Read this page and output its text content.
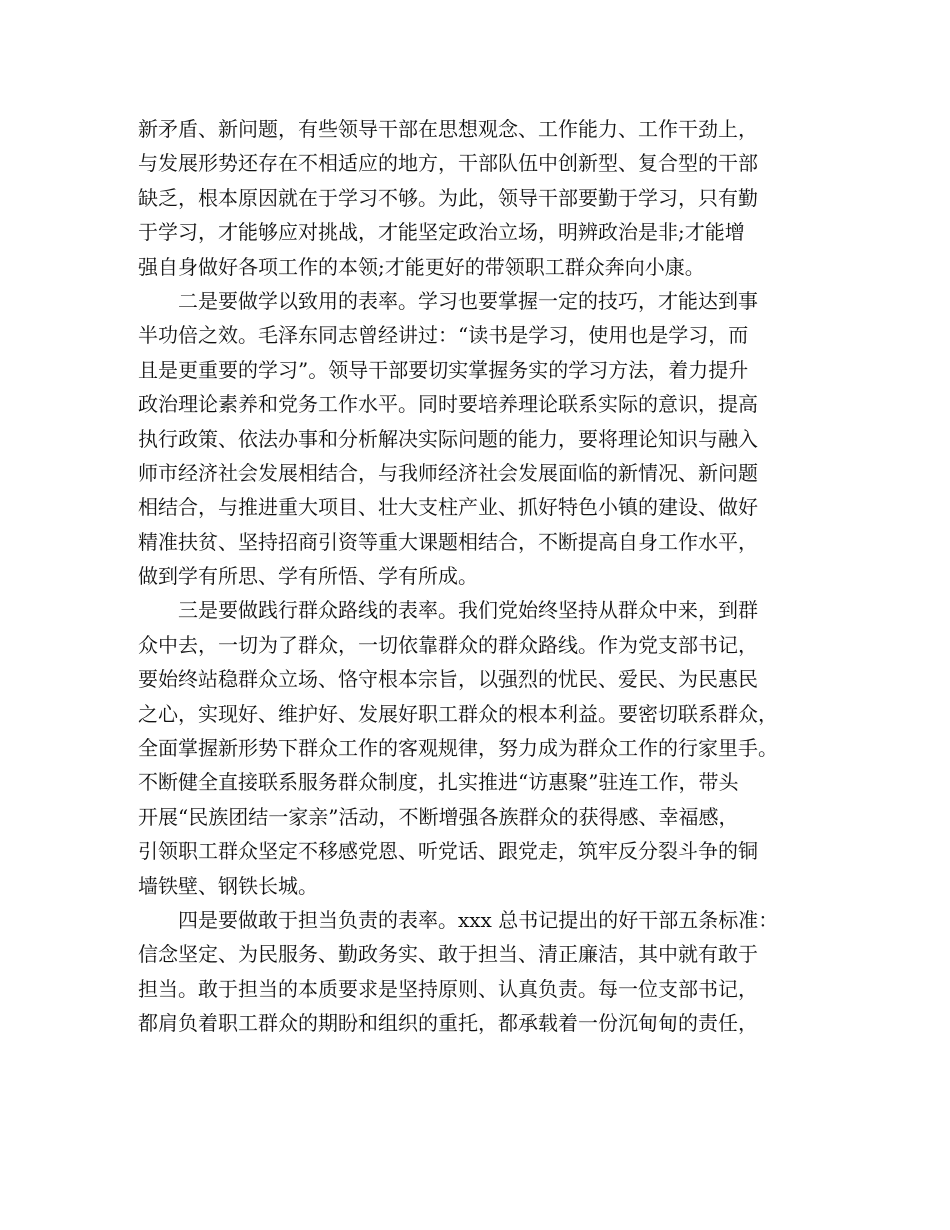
新矛盾、新问题，有些领导干部在思想观念、工作能力、工作干劲上，
与发展形势还存在不相适应的地方，干部队伍中创新型、复合型的干部
缺乏，根本原因就在于学习不够。为此，领导干部要勤于学习，只有勤
于学习，才能够应对挑战，才能坚定政治立场，明辨政治是非;才能增
强自身做好各项工作的本领;才能更好的带领职工群众奔向小康。
二是要做学以致用的表率。学习也要掌握一定的技巧，才能达到事
半功倍之效。毛泽东同志曾经讲过：“读书是学习，使用也是学习，而
且是更重要的学习”。领导干部要切实掌握务实的学习方法，着力提升
政治理论素养和党务工作水平。同时要培养理论联系实际的意识，提高
执行政策、依法办事和分析解决实际问题的能力，要将理论知识与融入
师市经济社会发展相结合，与我师经济社会发展面临的新情况、新问题
相结合，与推进重大项目、壮大支柱产业、抓好特色小镇的建设、做好
精准扶贫、坚持招商引资等重大课题相结合，不断提高自身工作水平，
做到学有所思、学有所悟、学有所成。
三是要做践行群众路线的表率。我们党始终坚持从群众中来，到群
众中去，一切为了群众，一切依靠群众的群众路线。作为党支部书记，
要始终站稳群众立场、恪守根本宗旨，以强烈的忧民、爱民、为民惠民
之心，实现好、维护好、发展好职工群众的根本利益。要密切联系群众，
全面掌握新形势下群众工作的客观规律，努力成为群众工作的行家里手。
不断健全直接联系服务群众制度，扎实推进“访惠聚”驻连工作，带头
开展“民族团结一家亲”活动，不断增强各族群众的获得感、幸福感，
引领职工群众坚定不移感党恩、听党话、跟党走，筑牢反分裂斗争的铜
墙铁壁、钢铁长城。
四是要做敢于担当负责的表率。xxx 总书记提出的好干部五条标准：
信念坚定、为民服务、勤政务实、敢于担当、清正廉洁，其中就有敢于
担当。敢于担当的本质要求是坚持原则、认真负责。每一位支部书记，
都肩负着职工群众的期盼和组织的重托，都承载着一份沉甸甸的责任，
